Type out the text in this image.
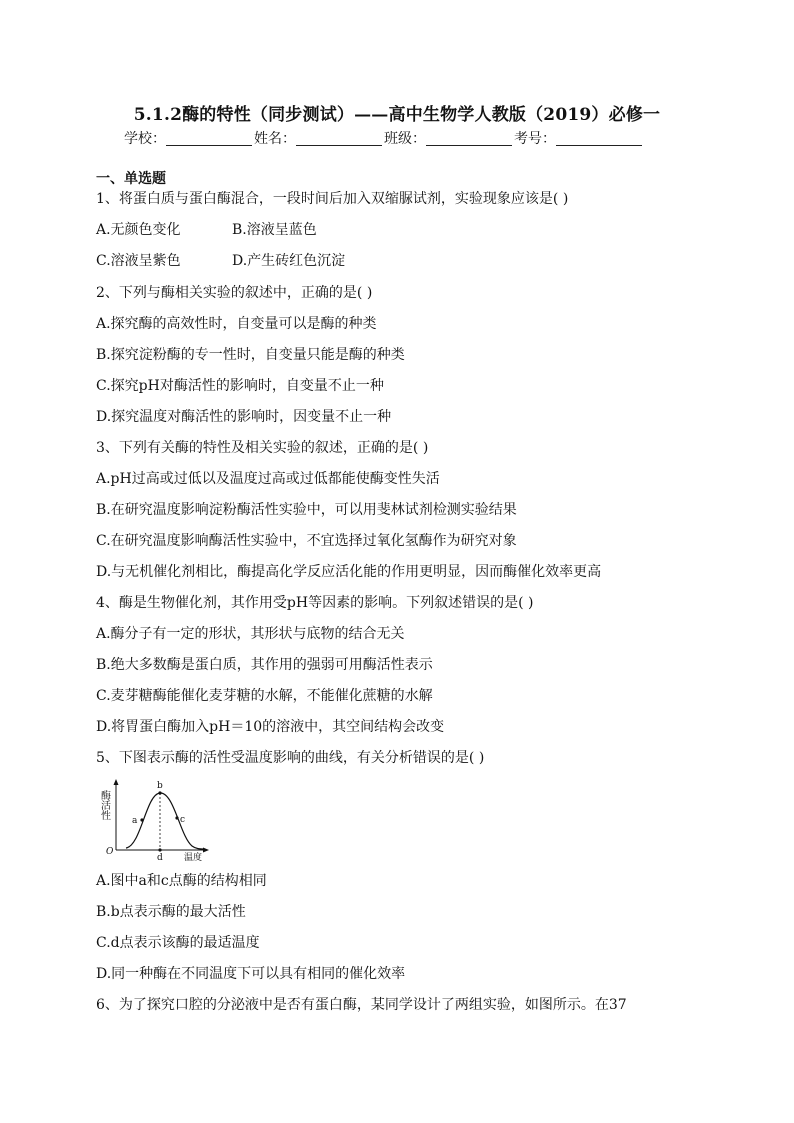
5.1.2酶的特性（同步测试）——高中生物学人教版（2019）必修一
学校：	姓名：	班级：	考号：
一、单选题
1、将蛋白质与蛋白酶混合，一段时间后加入双缩脲试剂，实验现象应该是( )
A.无颜色变化	B.溶液呈蓝色
C.溶液呈紫色	D.产生砖红色沉淀
2、下列与酶相关实验的叙述中，正确的是( )
A.探究酶的高效性时，自变量可以是酶的种类
B.探究淀粉酶的专一性时，自变量只能是酶的种类
C.探究pH对酶活性的影响时，自变量不止一种
D.探究温度对酶活性的影响时，因变量不止一种
3、下列有关酶的特性及相关实验的叙述，正确的是( )
A.pH过高或过低以及温度过高或过低都能使酶变性失活
B.在研究温度影响淀粉酶活性实验中，可以用斐林试剂检测实验结果
C.在研究温度影响酶活性实验中，不宜选择过氧化氢酶作为研究对象
D.与无机催化剂相比，酶提高化学反应活化能的作用更明显，因而酶催化效率更高
4、酶是生物催化剂，其作用受pH等因素的影响。下列叙述错误的是( )
A.酶分子有一定的形状，其形状与底物的结合无关
B.绝大多数酶是蛋白质，其作用的强弱可用酶活性表示
C.麦芽糖酶能催化麦芽糖的水解，不能催化蔗糖的水解
D.将胃蛋白酶加入pH＝10的溶液中，其空间结构会改变
5、下图表示酶的活性受温度影响的曲线，有关分析错误的是( )
酶活性
a
b
c
d
O
温度
A.图中a和c点酶的结构相同
B.b点表示酶的最大活性
C.d点表示该酶的最适温度
D.同一种酶在不同温度下可以具有相同的催化效率
6、为了探究口腔的分泌液中是否有蛋白酶，某同学设计了两组实验，如图所示。在37
